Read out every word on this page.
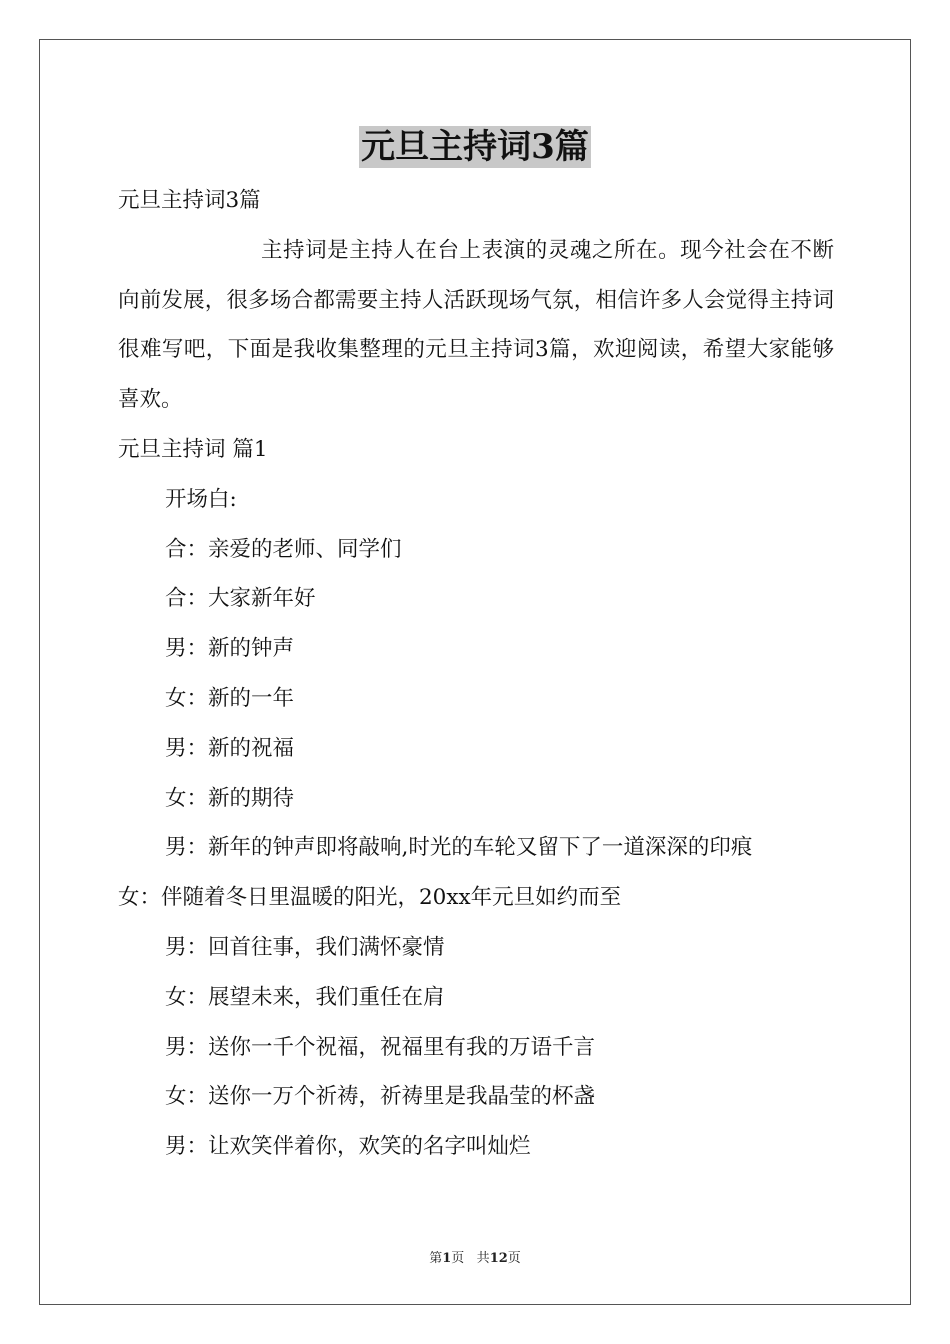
元旦主持词3篇

元旦主持词3篇

主持词是主持人在台上表演的灵魂之所在。现今社会在不断向前发展，很多场合都需要主持人活跃现场气氛，相信许多人会觉得主持词很难写吧，下面是我收集整理的元旦主持词3篇，欢迎阅读，希望大家能够喜欢。

元旦主持词 篇1

开场白:

合：亲爱的老师、同学们

合：大家新年好

男：新的钟声

女：新的一年

男：新的祝福

女：新的期待

男：新年的钟声即将敲响,时光的车轮又留下了一道深深的印痕

女：伴随着冬日里温暖的阳光，20xx年元旦如约而至

男：回首往事，我们满怀豪情

女：展望未来，我们重任在肩

男：送你一千个祝福，祝福里有我的万语千言

女：送你一万个祈祷，祈祷里是我晶莹的杯盏

男：让欢笑伴着你，欢笑的名字叫灿烂

第1页 共12页
